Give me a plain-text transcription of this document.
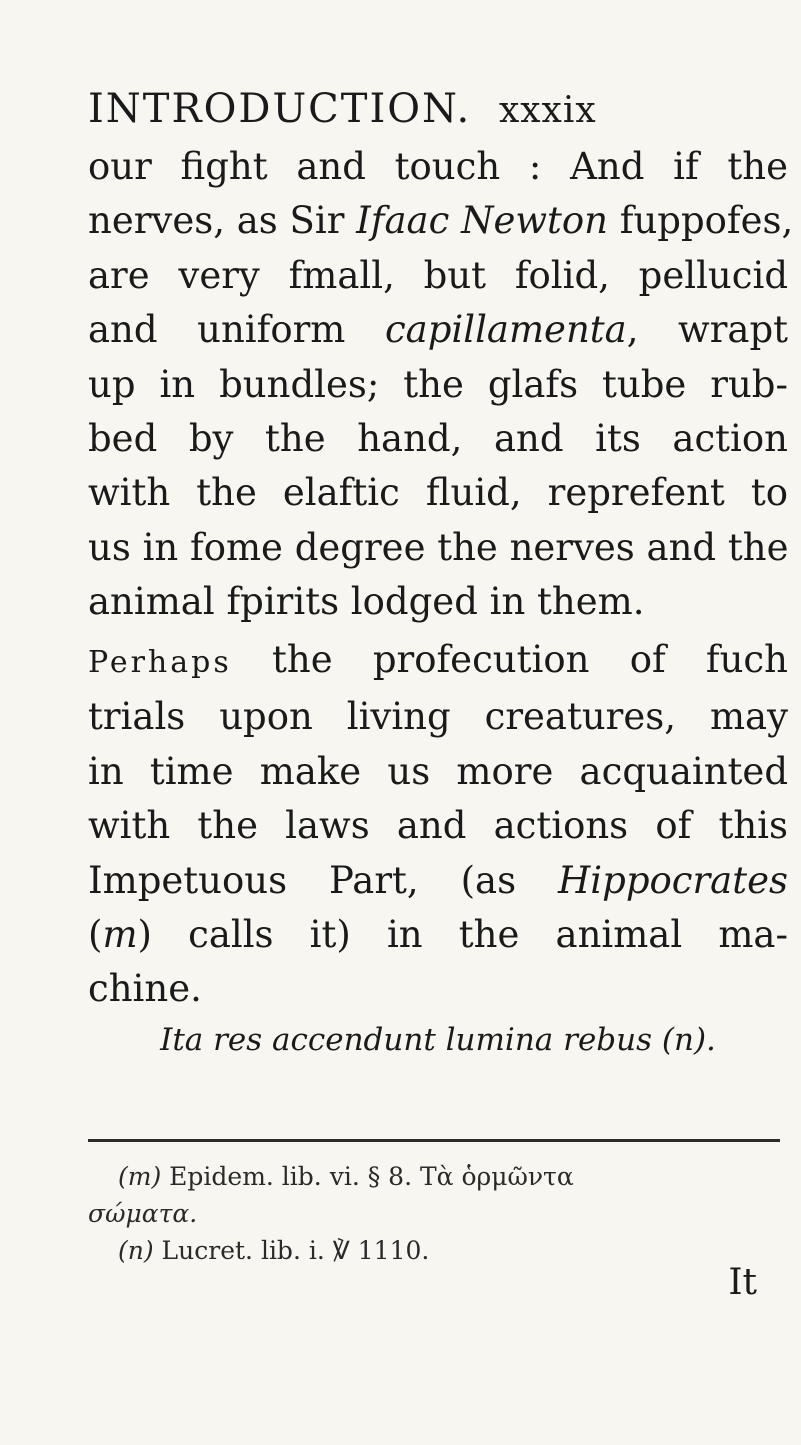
INTRODUCTION. xxxix
our fight and touch : And if the
nerves, as Sir Ifaac Newton fuppofes,
are very fmall, but folid, pellucid
and uniform capillamenta, wrapt
up in bundles; the glafs tube rub-
bed by the hand, and its action
with the elaftic fluid, reprefent to
us in fome degree the nerves and the
animal fpirits lodged in them.
Perhaps the profecution of fuch
trials upon living creatures, may
in time make us more acquainted
with the laws and actions of this
Impetuous Part, (as Hippocrates
(m) calls it) in the animal ma-
chine.
Ita res accendunt lumina rebus (n).
(m) Epidem. lib. vi. § 8. Τὰ ὁρμῶντα
σώματα.
(n) Lucret. lib. i. ℣ 1110.
It
